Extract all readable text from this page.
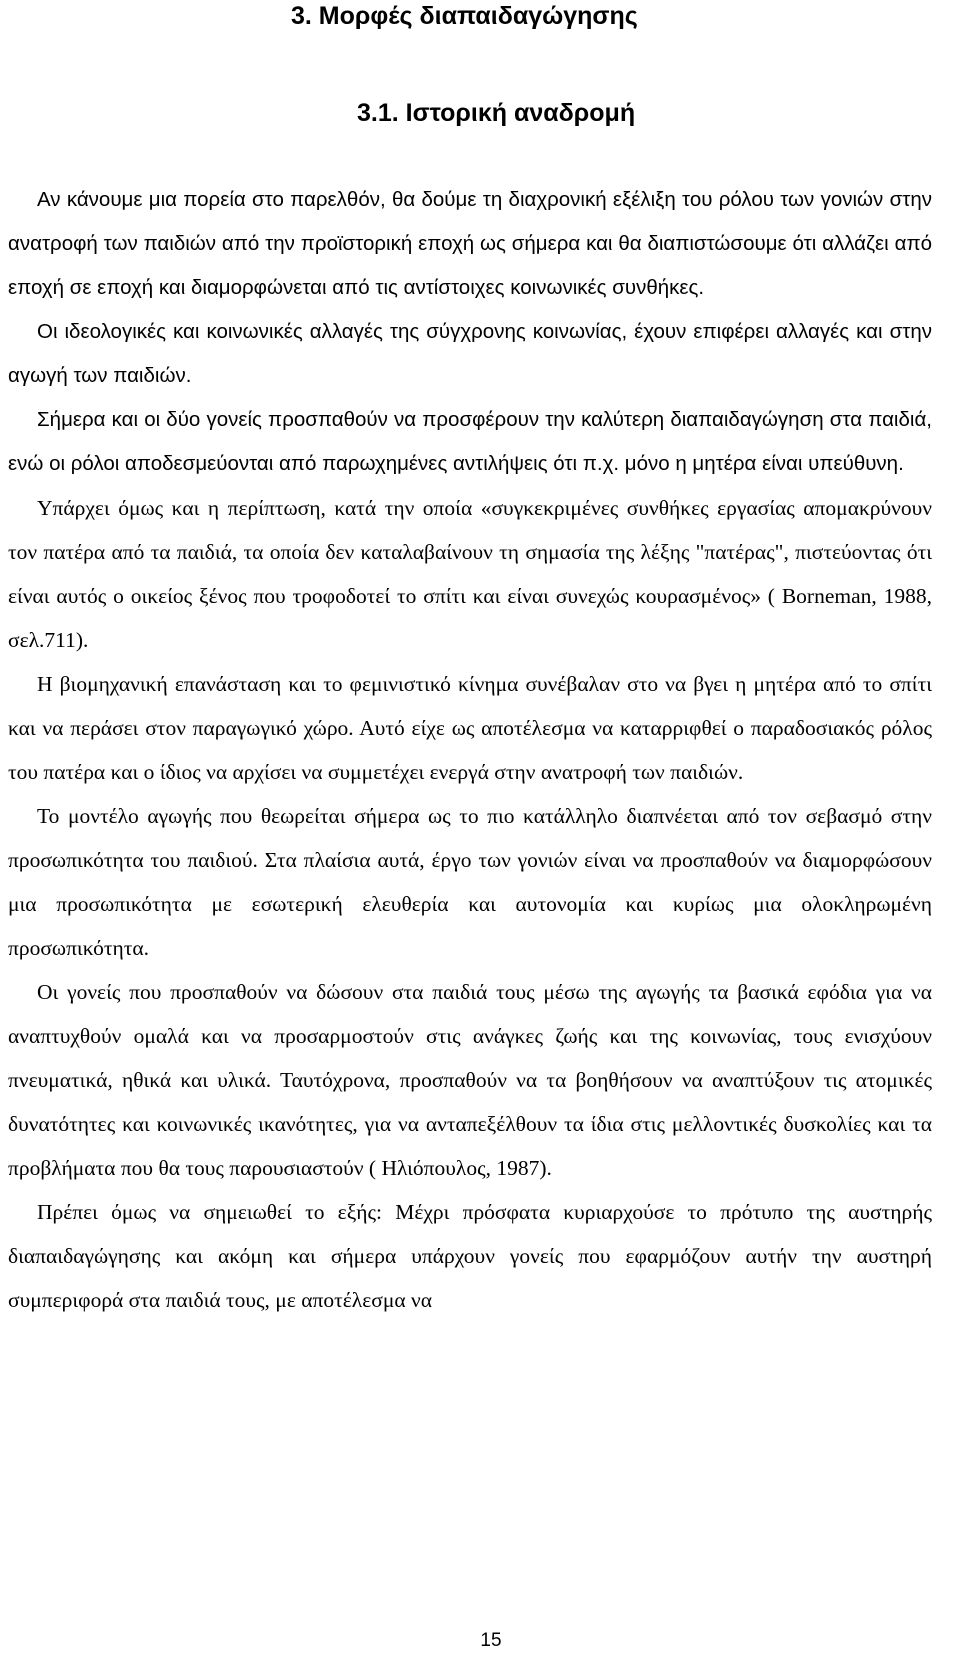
3. Μορφές διαπαιδαγώγησης
3.1. Ιστορική αναδρομή

Αν κάνουμε μια πορεία στο παρελθόν, θα δούμε τη διαχρονική εξέλιξη του ρόλου των γονιών στην ανατροφή των παιδιών από την προϊστορική εποχή ως σήμερα και θα διαπιστώσουμε ότι αλλάζει από εποχή σε εποχή και διαμορφώνεται από τις αντίστοιχες κοινωνικές συνθήκες.

Οι ιδεολογικές και κοινωνικές αλλαγές της σύγχρονης κοινωνίας, έχουν επιφέρει αλλαγές και στην αγωγή των παιδιών.

Σήμερα και οι δύο γονείς προσπαθούν να προσφέρουν την καλύτερη διαπαιδαγώγηση στα παιδιά, ενώ οι ρόλοι αποδεσμεύονται από παρωχημένες αντιλήψεις ότι π.χ. μόνο η μητέρα είναι υπεύθυνη.

Υπάρχει όμως και η περίπτωση, κατά την οποία «συγκεκριμένες συνθήκες εργασίας απομακρύνουν τον πατέρα από τα παιδιά, τα οποία δεν καταλαβαίνουν τη σημασία της λέξης "πατέρας", πιστεύοντας ότι είναι αυτός ο οικείος ξένος που τροφοδοτεί το σπίτι και είναι συνεχώς κουρασμένος» ( Borneman, 1988, σελ.711).

Η βιομηχανική επανάσταση και το φεμινιστικό κίνημα συνέβαλαν στο να βγει η μητέρα από το σπίτι και να περάσει στον παραγωγικό χώρο. Αυτό είχε ως αποτέλεσμα να καταρριφθεί ο παραδοσιακός ρόλος του πατέρα και ο ίδιος να αρχίσει να συμμετέχει ενεργά στην ανατροφή των παιδιών.

Το μοντέλο αγωγής που θεωρείται σήμερα ως το πιο κατάλληλο διαπνέεται από τον σεβασμό στην προσωπικότητα του παιδιού. Στα πλαίσια αυτά, έργο των γονιών είναι να προσπαθούν να διαμορφώσουν μια προσωπικότητα με εσωτερική ελευθερία και αυτονομία και κυρίως μια ολοκληρωμένη προσωπικότητα.

Οι γονείς που προσπαθούν να δώσουν στα παιδιά τους μέσω της αγωγής τα βασικά εφόδια για να αναπτυχθούν ομαλά και να προσαρμοστούν στις ανάγκες ζωής και της κοινωνίας, τους ενισχύουν πνευματικά, ηθικά και υλικά. Ταυτόχρονα, προσπαθούν να τα βοηθήσουν να αναπτύξουν τις ατομικές δυνατότητες και κοινωνικές ικανότητες, για να ανταπεξέλθουν τα ίδια στις μελλοντικές δυσκολίες και τα προβλήματα που θα τους παρουσιαστούν ( Ηλιόπουλος, 1987).

Πρέπει όμως να σημειωθεί το εξής: Μέχρι πρόσφατα κυριαρχούσε το πρότυπο της αυστηρής διαπαιδαγώγησης και ακόμη και σήμερα υπάρχουν γονείς που εφαρμόζουν αυτήν την αυστηρή συμπεριφορά στα παιδιά τους, με αποτέλεσμα να

15
